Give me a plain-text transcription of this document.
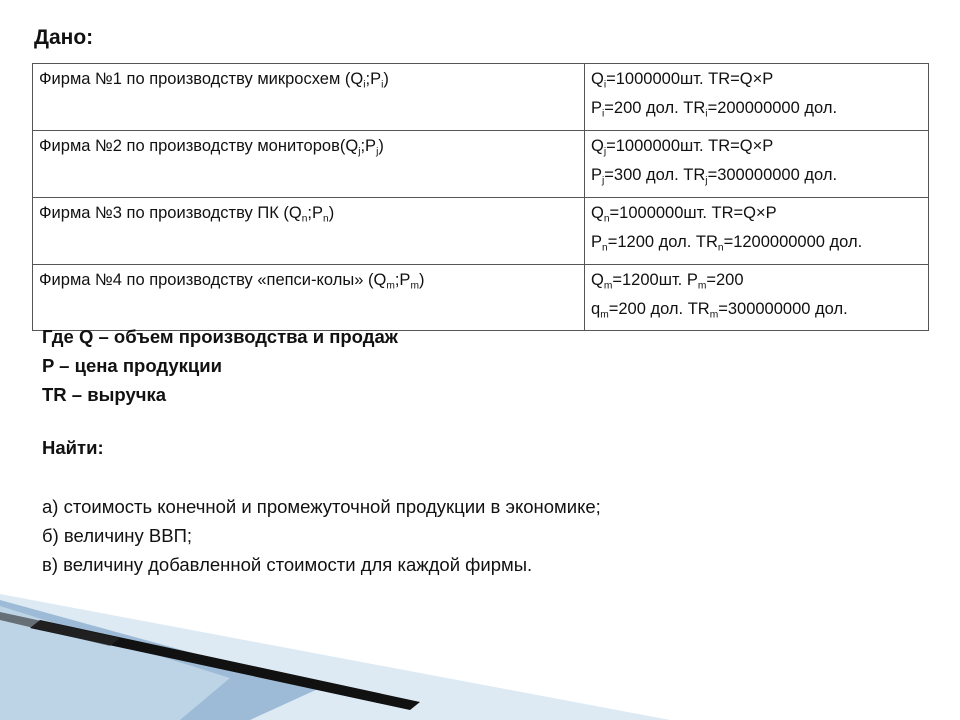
Дано:
Фирма №1 по производству микросхем $(Q_i;P_i)$	$Q_i=1000000шт$. TR=Q×P
$P_i=200$ дол. $TR_i=200000000$ дол.

Фирма №2 по производству $мониторов(Q_j;P_j)$	$Q_j=1000000шт$. TR=Q×P
$P_j=300$ дол. $TR_j=300000000$ дол.

Фирма №3 по производству ПК $(Q_n;P_n)$	$Q_n=1000000шт$. TR=Q×P
$P_n=1200$ дол. $TR_n=1200000000$ дол.

Фирма №4 по производству «пепси-колы» $(Q_m;P_m)$	$Q_m=1200шт$. $P_m=200$
$q_m=200$ дол. $TR_m=300000000$ дол.
Где Q – объем производства и продаж
P – цена продукции
TR – выручка
Найти:
а) стоимость конечной и промежуточной продукции в экономике;
б) величину ВВП;
в) величину добавленной стоимости для каждой фирмы.
